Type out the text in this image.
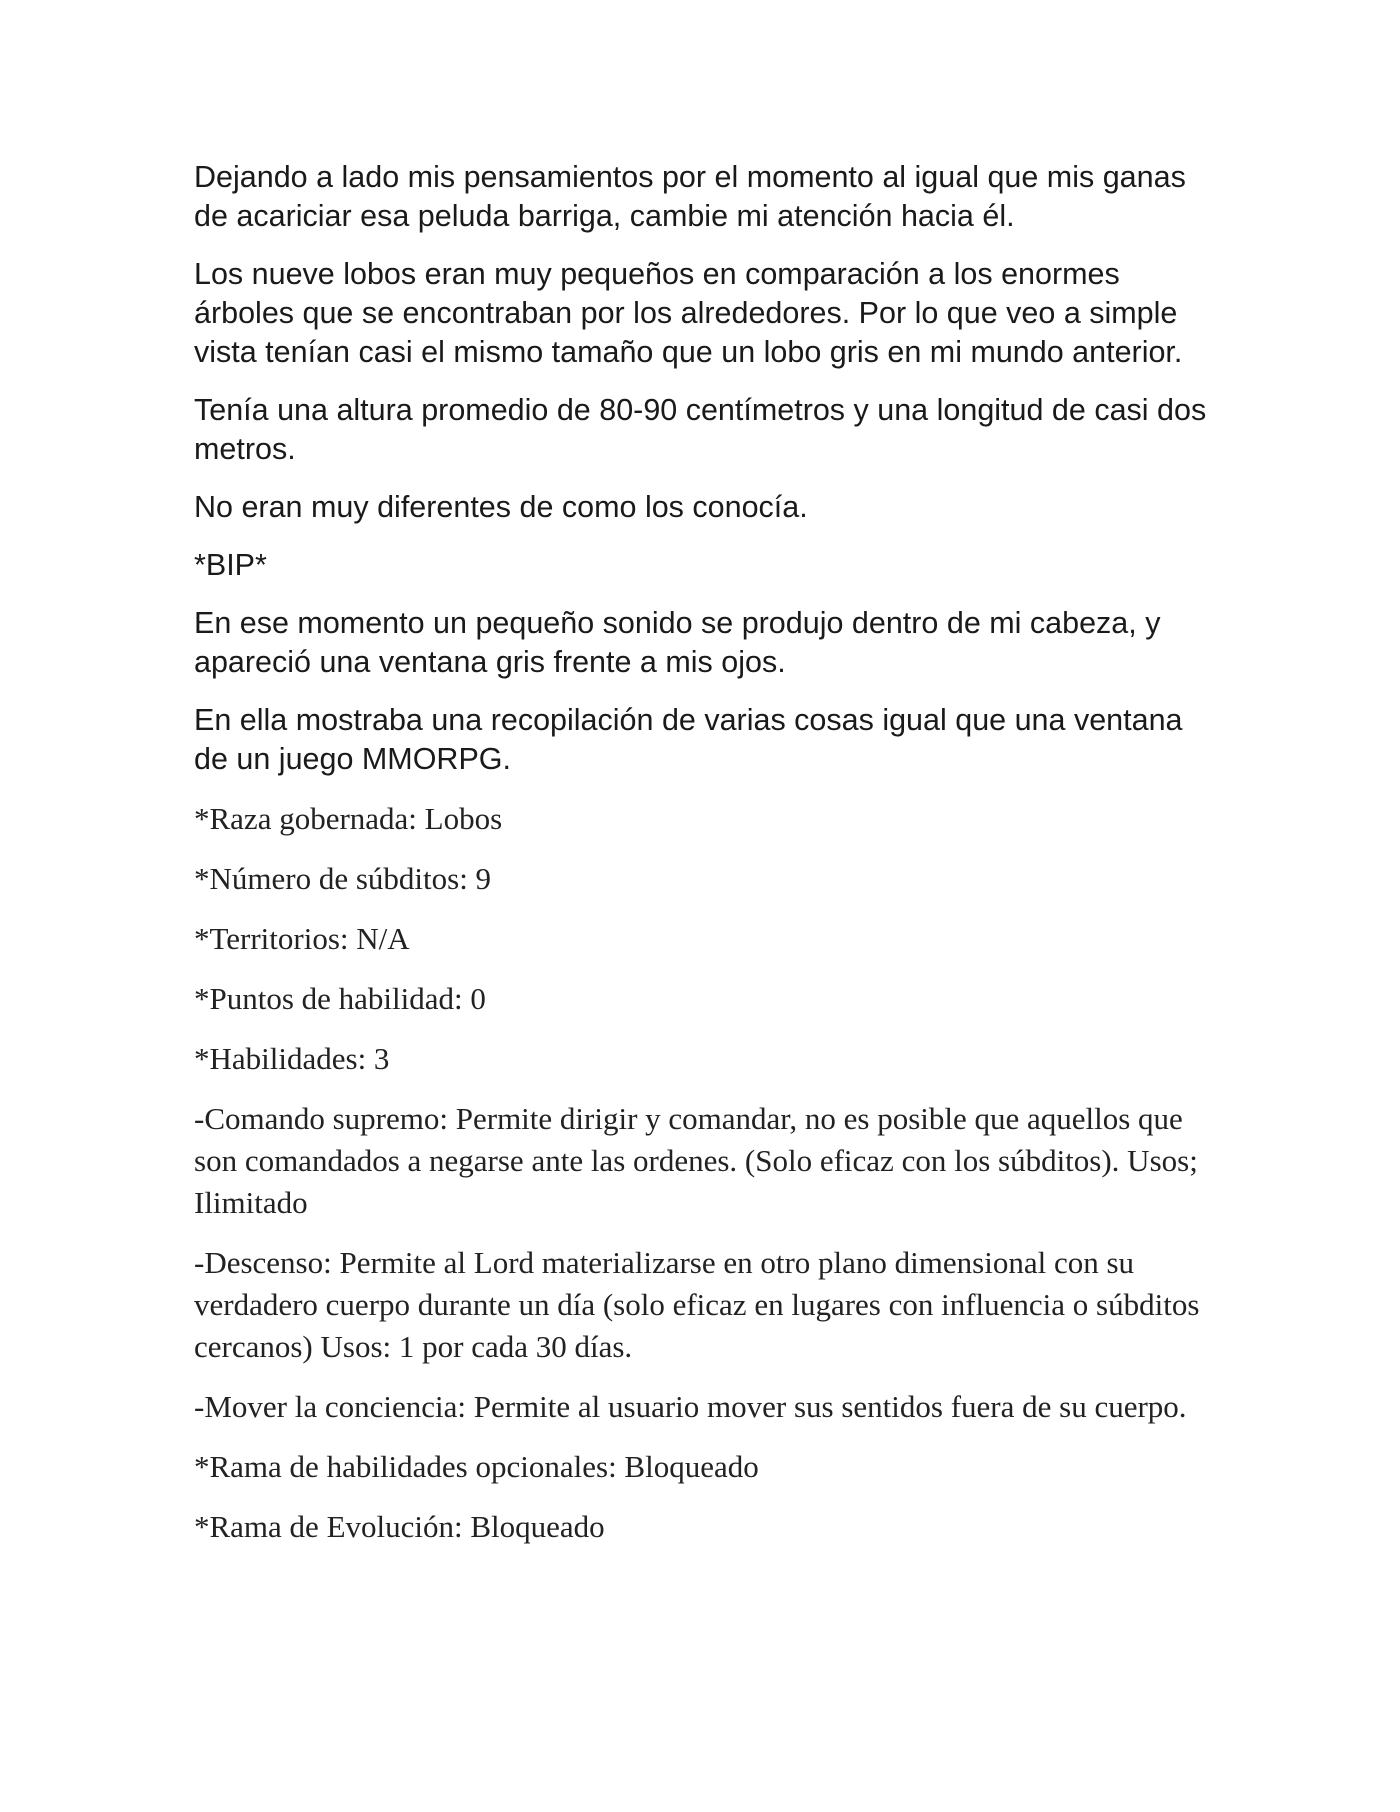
Dejando a lado mis pensamientos por el momento al igual que mis ganas de acariciar esa peluda barriga, cambie mi atención hacia él.

Los nueve lobos eran muy pequeños en comparación a los enormes árboles que se encontraban por los alrededores. Por lo que veo a simple vista tenían casi el mismo tamaño que un lobo gris en mi mundo anterior.

Tenía una altura promedio de 80-90 centímetros y una longitud de casi dos metros.

No eran muy diferentes de como los conocía.

*BIP*

En ese momento un pequeño sonido se produjo dentro de mi cabeza, y apareció una ventana gris frente a mis ojos.

En ella mostraba una recopilación de varias cosas igual que una ventana de un juego MMORPG.

*Raza gobernada: Lobos

*Número de súbditos: 9

*Territorios: N/A

*Puntos de habilidad: 0

*Habilidades: 3

-Comando supremo: Permite dirigir y comandar, no es posible que aquellos que son comandados a negarse ante las ordenes. (Solo eficaz con los súbditos). Usos; Ilimitado

-Descenso: Permite al Lord materializarse en otro plano dimensional con su verdadero cuerpo durante un día (solo eficaz en lugares con influencia o súbditos cercanos) Usos: 1 por cada 30 días.

-Mover la conciencia: Permite al usuario mover sus sentidos fuera de su cuerpo.

*Rama de habilidades opcionales: Bloqueado

*Rama de Evolución: Bloqueado
